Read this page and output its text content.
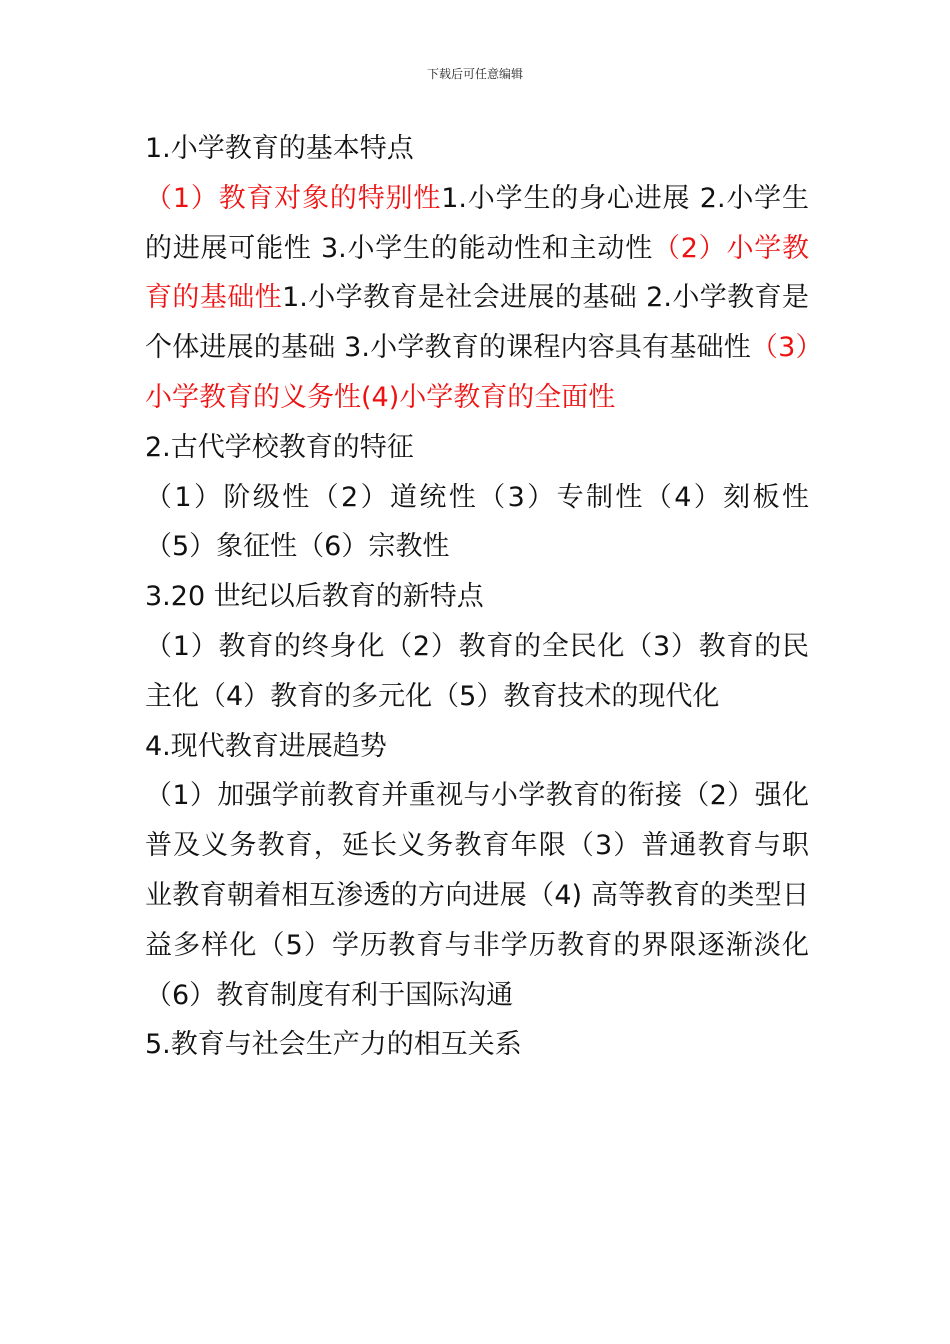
下载后可任意编辑
1.小学教育的基本特点

（1）教育对象的特别性1.小学生的身心进展 2.小学生的进展可能性 3.小学生的能动性和主动性（2）小学教育的基础性1.小学教育是社会进展的基础 2.小学教育是个体进展的基础 3.小学教育的课程内容具有基础性（3）小学教育的义务性(4)小学教育的全面性

2.古代学校教育的特征

（1）阶级性（2）道统性（3）专制性（4）刻板性（5）象征性（6）宗教性

3.20 世纪以后教育的新特点

（1）教育的终身化（2）教育的全民化（3）教育的民主化（4）教育的多元化（5）教育技术的现代化

4.现代教育进展趋势

（1）加强学前教育并重视与小学教育的衔接（2）强化普及义务教育，延长义务教育年限（3）普通教育与职业教育朝着相互渗透的方向进展（4) 高等教育的类型日益多样化（5）学历教育与非学历教育的界限逐渐淡化（6）教育制度有利于国际沟通

5.教育与社会生产力的相互关系
